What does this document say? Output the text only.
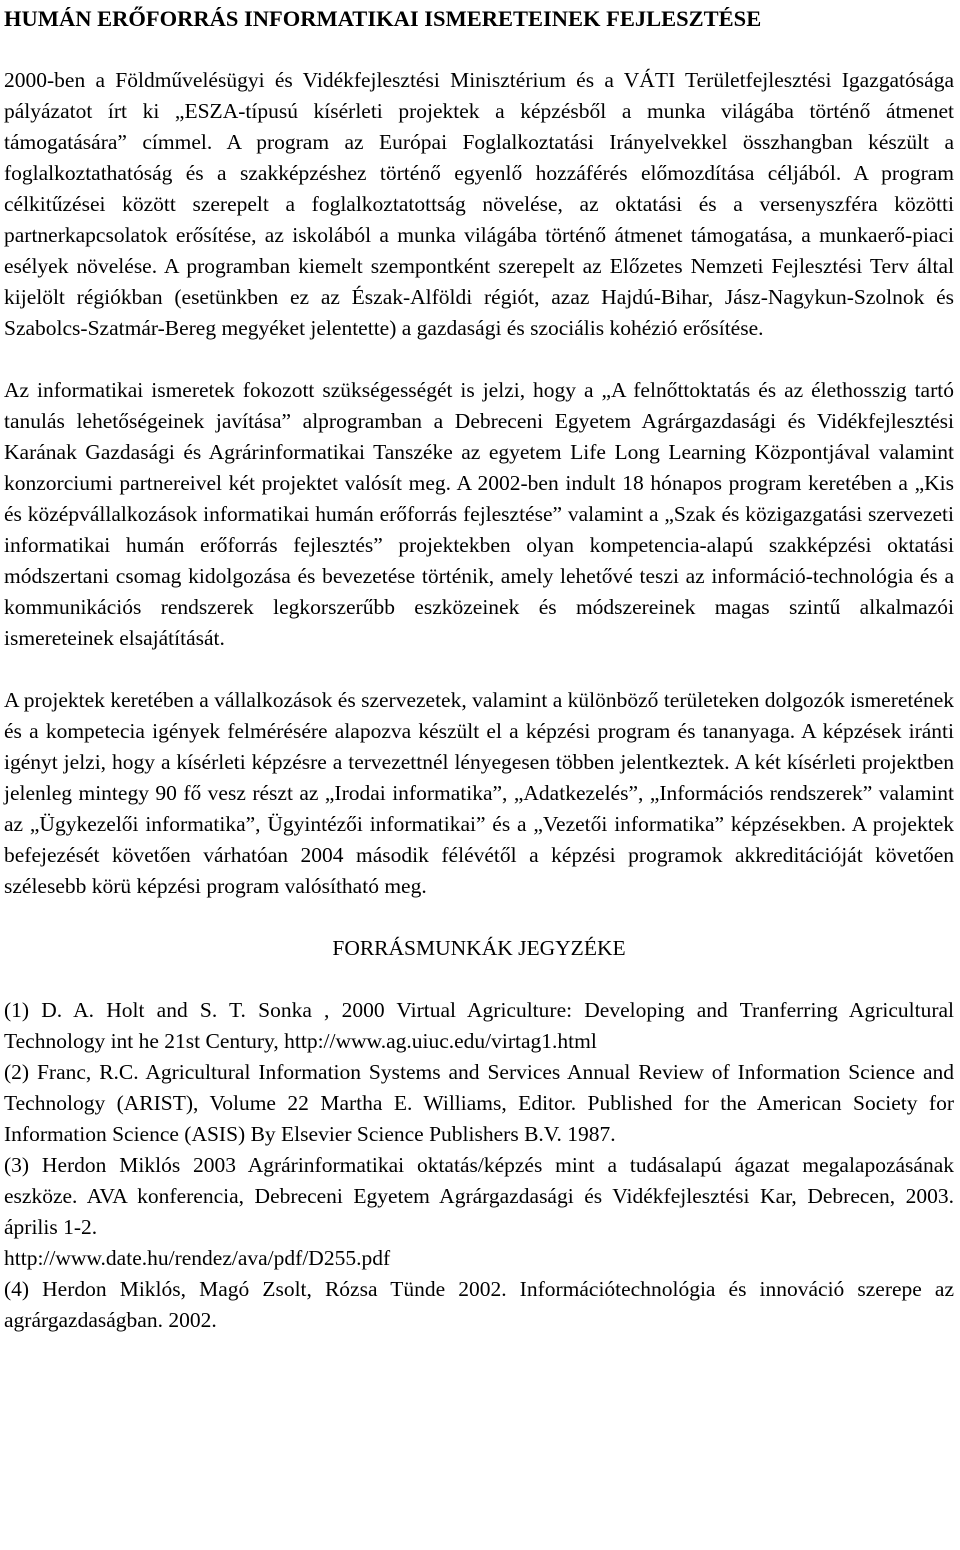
HUMÁN ERŐFORRÁS INFORMATIKAI ISMERETEINEK FEJLESZTÉSE

2000-ben a Földművelésügyi és Vidékfejlesztési Minisztérium és a VÁTI Területfejlesztési Igazgatósága pályázatot írt ki „ESZA-típusú kísérleti projektek a képzésből a munka világába történő átmenet támogatására” címmel. A program az Európai Foglalkoztatási Irányelvekkel összhangban készült a foglalkoztathatóság és a szakképzéshez történő egyenlő hozzáférés előmozdítása céljából. A program célkitűzései között szerepelt a foglalkoztatottság növelése, az oktatási és a versenyszféra közötti partnerkapcsolatok erősítése, az iskolából a munka világába történő átmenet támogatása, a munkaerő-piaci esélyek növelése. A programban kiemelt szempontként szerepelt az Előzetes Nemzeti Fejlesztési Terv által kijelölt régiókban (esetünkben ez az Észak-Alföldi régiót, azaz Hajdú-Bihar, Jász-Nagykun-Szolnok és Szabolcs-Szatmár-Bereg megyéket jelentette) a gazdasági és szociális kohézió erősítése.

Az informatikai ismeretek fokozott szükségességét is jelzi, hogy a „A felnőttoktatás és az élethosszig tartó tanulás lehetőségeinek javítása” alprogramban a Debreceni Egyetem Agrárgazdasági és Vidékfejlesztési Karának Gazdasági és Agrárinformatikai Tanszéke az egyetem Life Long Learning Központjával valamint konzorciumi partnereivel két projektet valósít meg. A 2002-ben indult 18 hónapos program keretében a „Kis és középvállalkozások informatikai humán erőforrás fejlesztése” valamint a „Szak és közigazgatási szervezeti informatikai humán erőforrás fejlesztés” projektekben olyan kompetencia-alapú szakképzési oktatási módszertani csomag kidolgozása és bevezetése történik, amely lehetővé teszi az információ-technológia és a kommunikációs rendszerek legkorszerűbb eszközeinek és módszereinek magas szintű alkalmazói ismereteinek elsajátítását.

A projektek keretében a vállalkozások és szervezetek, valamint a különböző területeken dolgozók ismeretének és a kompetecia igények felmérésére alapozva készült el a képzési program és tananyaga. A képzések iránti igényt jelzi, hogy a kísérleti képzésre a tervezettnél lényegesen többen jelentkeztek. A két kísérleti projektben jelenleg mintegy 90 fő vesz részt az „Irodai informatika”, „Adatkezelés”, „Információs rendszerek” valamint az „Ügykezelői informatika”, Ügyintézői informatikai” és a „Vezetői informatika” képzésekben. A projektek befejezését követően várhatóan 2004 második félévétől a képzési programok akkreditációját követően szélesebb körü képzési program valósítható meg.

FORRÁSMUNKÁK JEGYZÉKE

(1) D. A. Holt and S. T. Sonka , 2000 Virtual Agriculture: Developing and Tranferring Agricultural Technology int he 21st Century, http://www.ag.uiuc.edu/virtag1.html

(2) Franc, R.C. Agricultural Information Systems and Services Annual Review of Information Science and Technology (ARIST), Volume 22 Martha E. Williams, Editor. Published for the American Society for Information Science (ASIS) By Elsevier Science Publishers B.V. 1987.

(3) Herdon Miklós 2003 Agrárinformatikai oktatás/képzés mint a tudásalapú ágazat megalapozásának eszköze. AVA konferencia, Debreceni Egyetem Agrárgazdasági és Vidékfejlesztési Kar, Debrecen, 2003. április 1-2.

http://www.date.hu/rendez/ava/pdf/D255.pdf

(4) Herdon Miklós, Magó Zsolt, Rózsa Tünde 2002. Információtechnológia és innováció szerepe az agrárgazdaságban. 2002.
